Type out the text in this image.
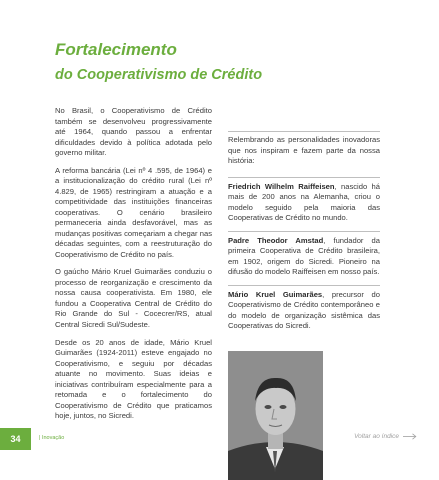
Fortalecimento
do Cooperativismo de Crédito

No Brasil, o Cooperativismo de Crédito também se desenvolveu progressivamente até 1964, quando passou a enfrentar dificuldades devido à política adotada pelo governo militar.

A reforma bancária (Lei nº 4 .595, de 1964) e a institucionalização do crédito rural (Lei nº 4.829, de 1965) restringiram a atuação e a competitividade das instituições financeiras cooperativas. O cenário brasileiro permaneceria ainda desfavorável, mas as mudanças positivas começariam a chegar nas décadas seguintes, com a reestruturação do Cooperativismo de Crédito no país.

O gaúcho Mário Kruel Guimarães conduziu o processo de reorganização e crescimento da nossa causa cooperativista. Em 1980, ele fundou a Cooperativa Central de Crédito do Rio Grande do Sul - Cocecrer/RS, atual Central Sicredi Sul/Sudeste.

Desde os 20 anos de idade, Mário Kruel Guimarães (1924-2011) esteve engajado no Cooperativismo, e seguiu por décadas atuante no movimento. Suas ideias e iniciativas contribuíram especialmente para a retomada e o fortalecimento do Cooperativismo de Crédito que praticamos hoje, juntos, no Sicredi.

Relembrando as personalidades inovadoras que nos inspiram e fazem parte da nossa história:

Friedrich Wilhelm Raiffeisen, nascido há mais de 200 anos na Alemanha, criou o modelo seguido pela maioria das Cooperativas de Crédito no mundo.

Padre Theodor Amstad, fundador da primeira Cooperativa de Crédito brasileira, em 1902, origem do Sicredi. Pioneiro na difusão do modelo Raiffeisen em nosso país.

Mário Kruel Guimarães, precursor do Cooperativismo de Crédito contemporâneo e do modelo de organização sistêmica das Cooperativas do Sicredi.

34	| Inovação	Voltar ao índice
